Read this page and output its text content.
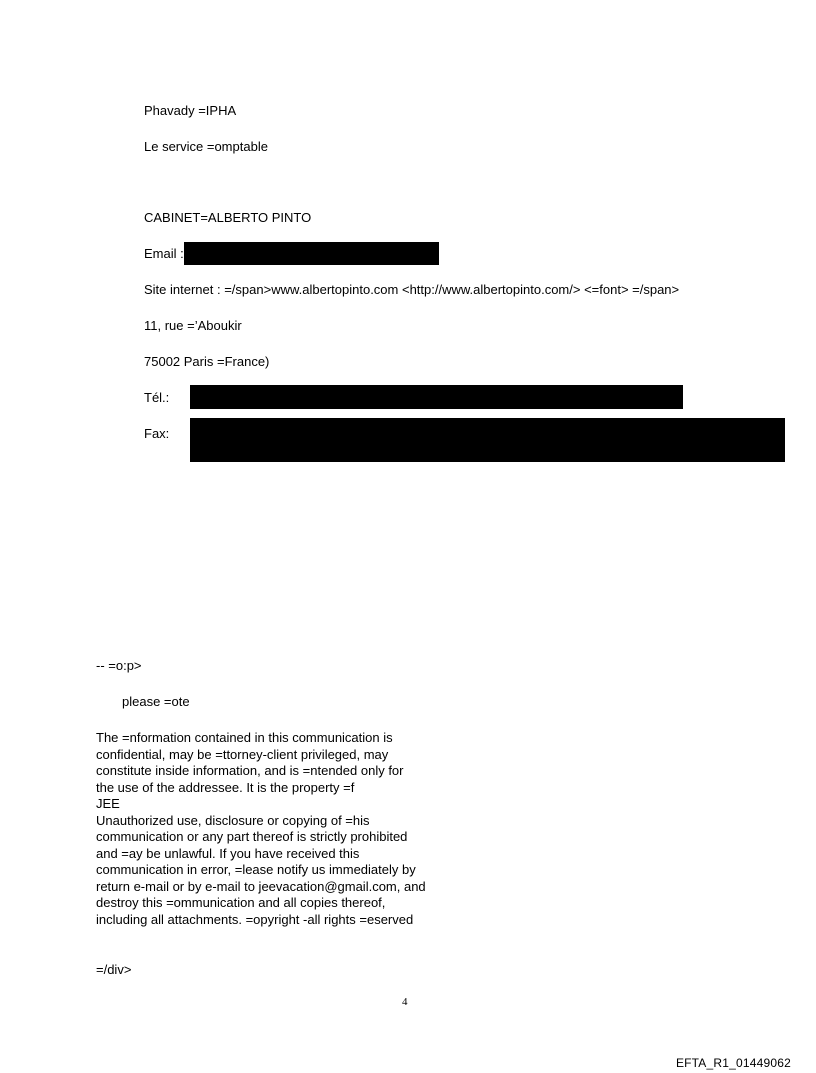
Phavady =IPHA
Le service =omptable
CABINET=ALBERTO PINTO
Email :
Site internet : =/span>www.albertopinto.com <http://www.albertopinto.com/> <=font> =/span>
11, rue =’Aboukir
75002 Paris =France)
Tél.:
Fax:
-- =o:p>
please =ote
The =nformation contained in this communication is
confidential, may be =ttorney-client privileged, may
constitute inside information, and is =ntended only for
the use of the addressee. It is the property =f
JEE
Unauthorized use, disclosure or copying of =his
communication or any part thereof is strictly prohibited
and =ay be unlawful. If you have received this
communication in error, =lease notify us immediately by
return e-mail or by e-mail to jeevacation@gmail.com, and
destroy this =ommunication and all copies thereof,
including all attachments. =opyright -all rights =eserved
=/div>
4
EFTA_R1_01449062
